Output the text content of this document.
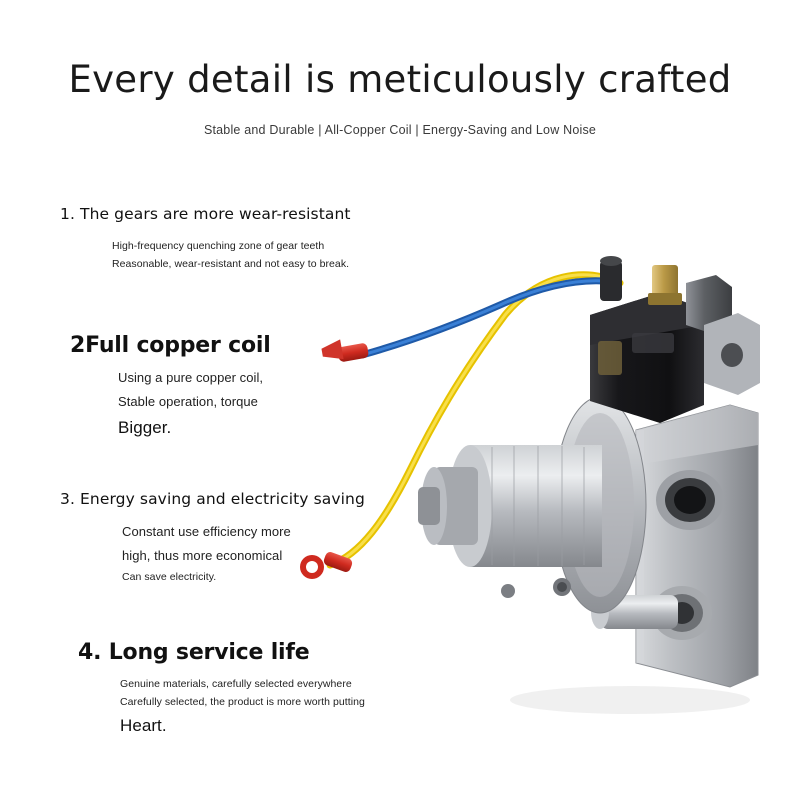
Every detail is meticulously crafted
Stable and Durable | All-Copper Coil | Energy-Saving and Low Noise
1. The gears are more wear-resistant
High-frequency quenching zone of gear teeth
Reasonable, wear-resistant and not easy to break.
2⁣Full copper coil
Using a pure copper coil,
Stable operation, torque
Bigger.
3. Energy saving and electricity saving
Constant use efficiency more
high, thus more economical
Can save electricity.
4. Long service life
Genuine materials, carefully selected everywhere
Carefully selected, the product is more worth putting
Heart.
